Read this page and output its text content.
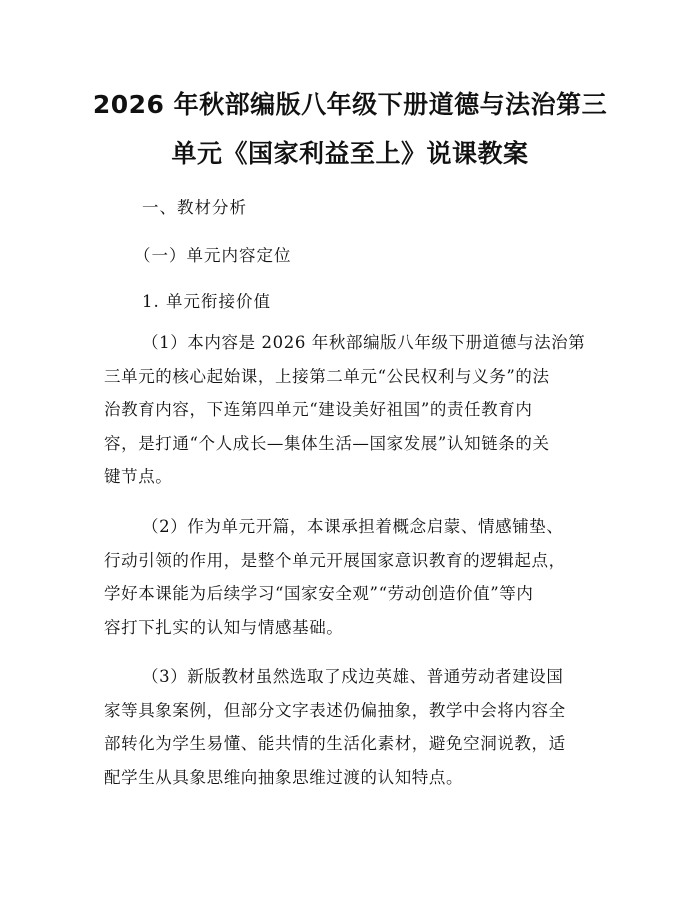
2026 年秋部编版八年级下册道德与法治第三
单元《国家利益至上》说课教案

一、教材分析

（一）单元内容定位

1. 单元衔接价值

（1）本内容是 2026 年秋部编版八年级下册道德与法治第
三单元的核心起始课，上接第二单元“公民权利与义务”的法
治教育内容，下连第四单元“建设美好祖国”的责任教育内
容，是打通“个人成长—集体生活—国家发展”认知链条的关
键节点。
（2）作为单元开篇，本课承担着概念启蒙、情感铺垫、
行动引领的作用，是整个单元开展国家意识教育的逻辑起点，
学好本课能为后续学习“国家安全观”“劳动创造价值”等内
容打下扎实的认知与情感基础。
（3）新版教材虽然选取了戍边英雄、普通劳动者建设国
家等具象案例，但部分文字表述仍偏抽象，教学中会将内容全
部转化为学生易懂、能共情的生活化素材，避免空洞说教，适
配学生从具象思维向抽象思维过渡的认知特点。
